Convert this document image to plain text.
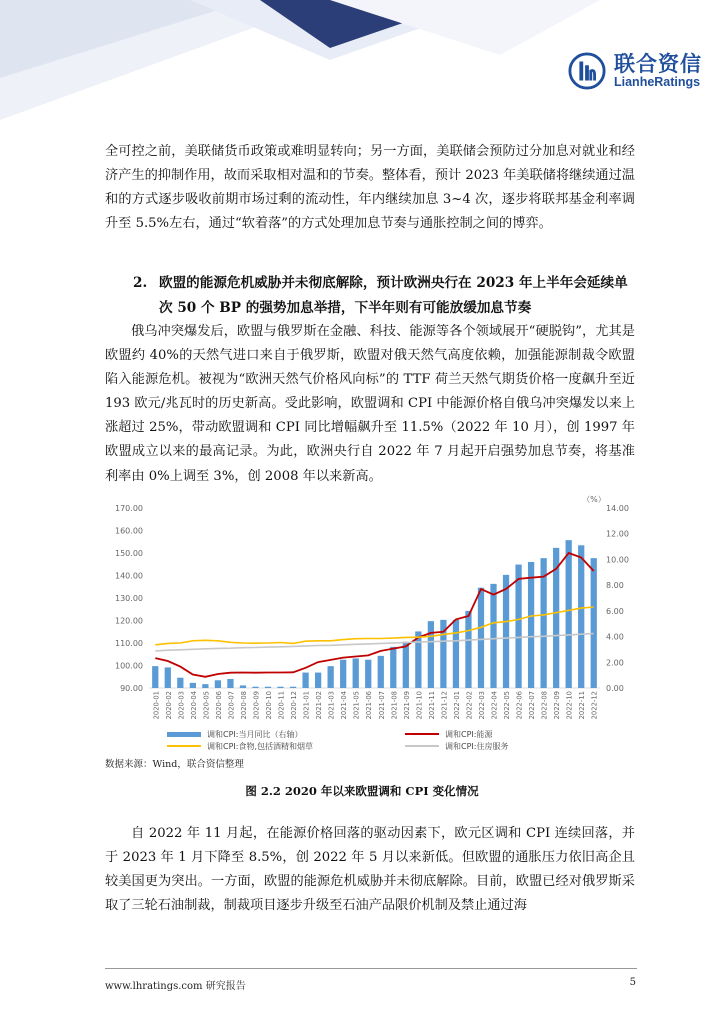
联合资信
LianheRatings

全可控之前，美联储货币政策或难明显转向；另一方面，美联储会预防过分加息对就业和经济产生的抑制作用，故而采取相对温和的节奏。整体看，预计 2023 年美联储将继续通过温和的方式逐步吸收前期市场过剩的流动性，年内继续加息 3~4 次，逐步将联邦基金利率调升至 5.5%左右，通过“软着落”的方式处理加息节奏与通胀控制之间的博弈。

2. 欧盟的能源危机威胁并未彻底解除，预计欧洲央行在 2023 年上半年会延续单次 50 个 BP 的强势加息举措，下半年则有可能放缓加息节奏

俄乌冲突爆发后，欧盟与俄罗斯在金融、科技、能源等各个领域展开“硬脱钩”，尤其是欧盟约 40%的天然气进口来自于俄罗斯，欧盟对俄天然气高度依赖，加强能源制裁令欧盟陷入能源危机。被视为“欧洲天然气价格风向标”的 TTF 荷兰天然气期货价格一度飙升至近 193 欧元/兆瓦时的历史新高。受此影响，欧盟调和 CPI 中能源价格自俄乌冲突爆发以来上涨超过 25%，带动欧盟调和 CPI 同比增幅飙升至 11.5%（2022 年 10 月），创 1997 年欧盟成立以来的最高记录。为此，欧洲央行自 2022 年 7 月起开启强势加息节奏，将基准利率由 0%上调至 3%，创 2008 年以来新高。

90.00
100.00
110.00
120.00
130.00
140.00
150.00
160.00
170.00
0.00
2.00
4.00
6.00
8.00
10.00
12.00
14.00
（%）
2020-01 2020-02 2020-03 2020-04 2020-05 2020-06 2020-07 2020-08 2020-09 2020-10 2020-11 2020-12 2021-01 2021-02 2021-03 2021-04 2021-05 2021-06 2021-07 2021-08 2021-09 2021-10 2021-11 2021-12 2022-01 2022-02 2022-03 2022-04 2022-05 2022-06 2022-07 2022-08 2022-09 2022-10 2022-11 2022-12
调和CPI:当月同比（右轴）	调和CPI:能源
调和CPI:食物,包括酒精和烟草	调和CPI:住房服务
数据来源：Wind，联合资信整理
图 2.2 2020 年以来欧盟调和 CPI 变化情况

自 2022 年 11 月起，在能源价格回落的驱动因素下，欧元区调和 CPI 连续回落，并于 2023 年 1 月下降至 8.5%，创 2022 年 5 月以来新低。但欧盟的通胀压力依旧高企且较美国更为突出。一方面，欧盟的能源危机威胁并未彻底解除。目前，欧盟已经对俄罗斯采取了三轮石油制裁，制裁项目逐步升级至石油产品限价机制及禁止通过海

www.lhratings.com 研究报告	5
